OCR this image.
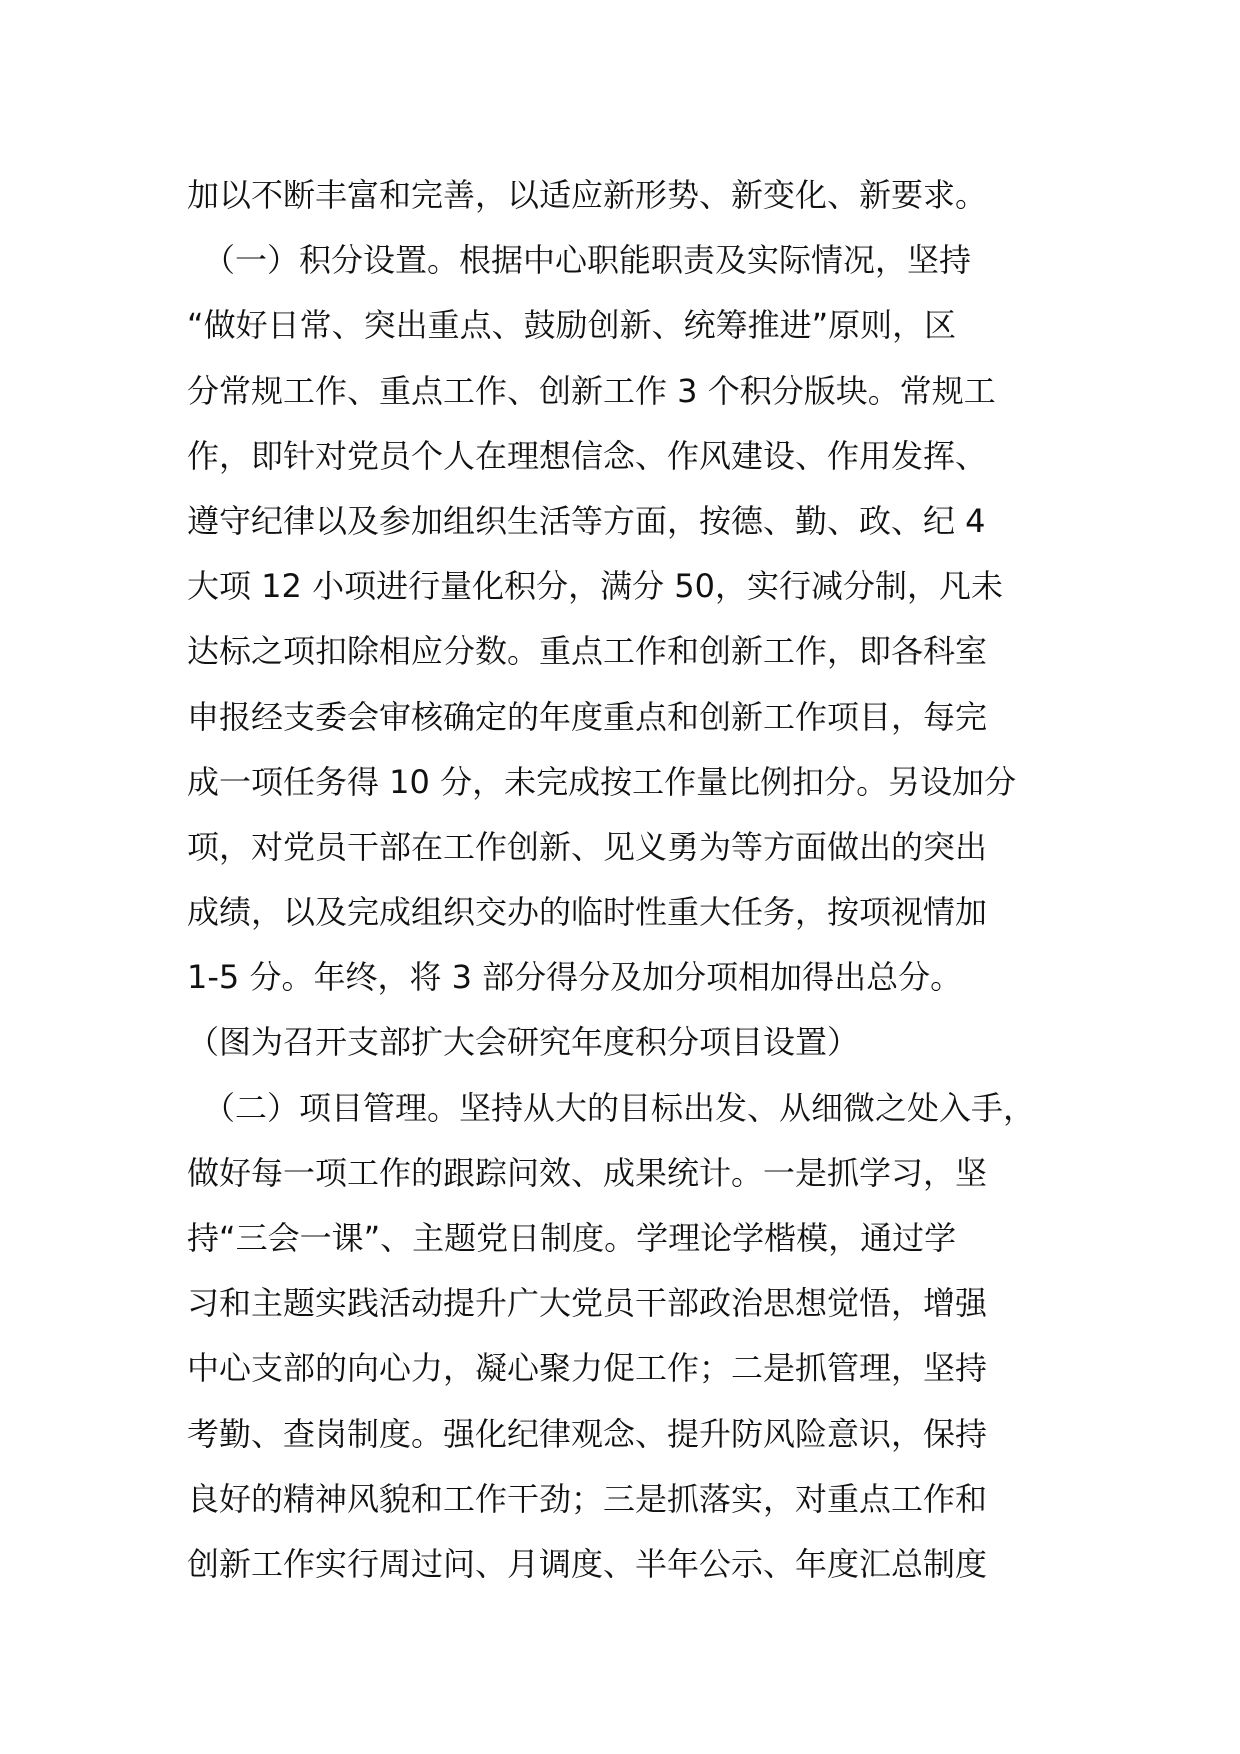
加以不断丰富和完善，以适应新形势、新变化、新要求。
　（一）积分设置。根据中心职能职责及实际情况，坚持
“做好日常、突出重点、鼓励创新、统筹推进”原则，区
分常规工作、重点工作、创新工作 3 个积分版块。常规工
作，即针对党员个人在理想信念、作风建设、作用发挥、
遵守纪律以及参加组织生活等方面，按德、勤、政、纪 4
大项 12 小项进行量化积分，满分 50，实行减分制，凡未
达标之项扣除相应分数。重点工作和创新工作，即各科室
申报经支委会审核确定的年度重点和创新工作项目，每完
成一项任务得 10 分，未完成按工作量比例扣分。另设加分
项，对党员干部在工作创新、见义勇为等方面做出的突出
成绩，以及完成组织交办的临时性重大任务，按项视情加
1-5 分。年终，将 3 部分得分及加分项相加得出总分。
（图为召开支部扩大会研究年度积分项目设置）
　（二）项目管理。坚持从大的目标出发、从细微之处入手，
做好每一项工作的跟踪问效、成果统计。一是抓学习，坚
持“三会一课”、主题党日制度。学理论学楷模，通过学
习和主题实践活动提升广大党员干部政治思想觉悟，增强
中心支部的向心力，凝心聚力促工作；二是抓管理，坚持
考勤、查岗制度。强化纪律观念、提升防风险意识，保持
良好的精神风貌和工作干劲；三是抓落实，对重点工作和
创新工作实行周过问、月调度、半年公示、年度汇总制度
